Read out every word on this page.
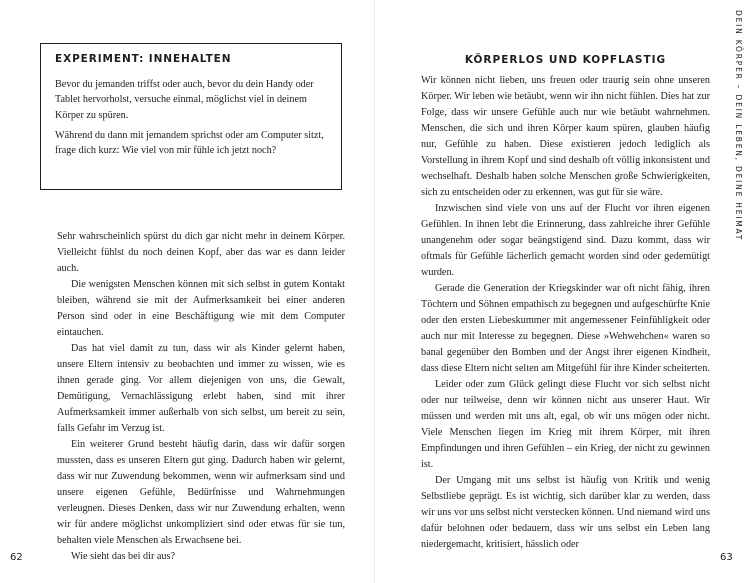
EXPERIMENT: INNEHALTEN

Bevor du jemanden triffst oder auch, bevor du dein Handy oder Tablet hervorholst, versuche einmal, möglichst viel in deinem Körper zu spüren.

Während du dann mit jemandem sprichst oder am Computer sitzt, frage dich kurz: Wie viel von mir fühle ich jetzt noch?

Sehr wahrscheinlich spürst du dich gar nicht mehr in deinem Körper. Vielleicht fühlst du noch deinen Kopf, aber das war es dann leider auch.

Die wenigsten Menschen können mit sich selbst in gutem Kontakt bleiben, während sie mit der Aufmerksamkeit bei einer anderen Person sind oder in eine Beschäftigung wie mit dem Computer eintauchen.

Das hat viel damit zu tun, dass wir als Kinder gelernt haben, unsere Eltern intensiv zu beobachten und immer zu wissen, wie es ihnen gerade ging. Vor allem diejenigen von uns, die Gewalt, Demütigung, Vernachlässigung erlebt haben, sind mit ihrer Aufmerksamkeit immer außerhalb von sich selbst, um bereit zu sein, falls Gefahr im Verzug ist.

Ein weiterer Grund besteht häufig darin, dass wir dafür sorgen mussten, dass es unseren Eltern gut ging. Dadurch haben wir gelernt, dass wir nur Zuwendung bekommen, wenn wir aufmerksam sind und unsere eigenen Gefühle, Bedürfnisse und Wahrnehmungen verleugnen. Dieses Denken, dass wir nur Zuwendung erhalten, wenn wir für andere möglichst unkompliziert sind oder etwas für sie tun, behalten viele Menschen als Erwachsene bei.

Wie sieht das bei dir aus?

62
KÖRPERLOS UND KOPFLASTIG

Wir können nicht lieben, uns freuen oder traurig sein ohne unseren Körper. Wir leben wie betäubt, wenn wir ihn nicht fühlen. Dies hat zur Folge, dass wir unsere Gefühle auch nur wie betäubt wahrnehmen. Menschen, die sich und ihren Körper kaum spüren, glauben häufig nur, Gefühle zu haben. Diese existieren jedoch lediglich als Vorstellung in ihrem Kopf und sind deshalb oft völlig inkonsistent und wechselhaft. Deshalb haben solche Menschen große Schwierigkeiten, sich zu entscheiden oder zu erkennen, was gut für sie wäre.

Inzwischen sind viele von uns auf der Flucht vor ihren eigenen Gefühlen. In ihnen lebt die Erinnerung, dass zahlreiche ihrer Gefühle unangenehm oder sogar beängstigend sind. Dazu kommt, dass wir oftmals für Gefühle lächerlich gemacht worden sind oder gedemütigt wurden.

Gerade die Generation der Kriegskinder war oft nicht fähig, ihren Töchtern und Söhnen empathisch zu begegnen und aufgeschürfte Knie oder den ersten Liebeskummer mit angemessener Feinfühligkeit oder auch nur mit Interesse zu begegnen. Diese »Wehwehchen« waren so banal gegenüber den Bomben und der Angst ihrer eigenen Kindheit, dass diese Eltern nicht selten am Mitgefühl für ihre Kinder scheiterten.

Leider oder zum Glück gelingt diese Flucht vor sich selbst nicht oder nur teilweise, denn wir können nicht aus unserer Haut. Wir müssen und werden mit uns alt, egal, ob wir uns mögen oder nicht. Viele Menschen liegen im Krieg mit ihrem Körper, mit ihren Empfindungen und ihren Gefühlen – ein Krieg, der nicht zu gewinnen ist.

Der Umgang mit uns selbst ist häufig von Kritik und wenig Selbstliebe geprägt. Es ist wichtig, sich darüber klar zu werden, dass wir uns vor uns selbst nicht verstecken können. Und niemand wird uns dafür belohnen oder bedauern, dass wir uns selbst ein Leben lang niedergemacht, kritisiert, hässlich oder

DEIN KÖRPER – DEIN LEBEN, DEINE HEIMAT
63
